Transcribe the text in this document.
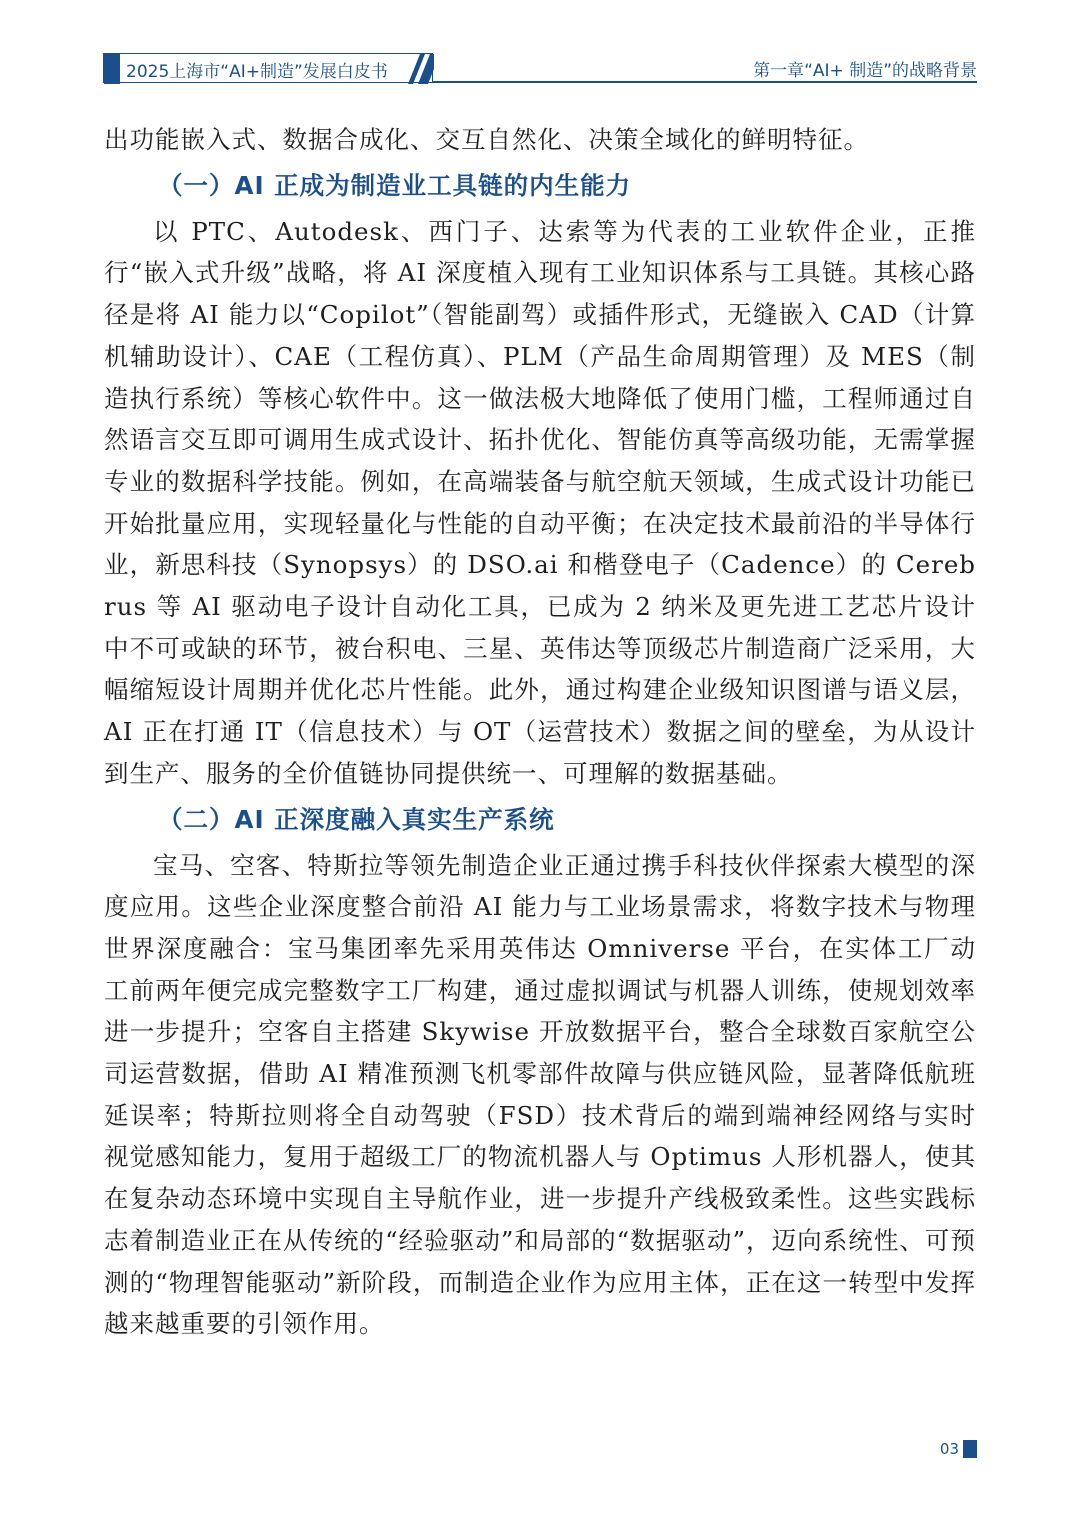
2025上海市“AI+制造”发展白皮书	第一章“AI+ 制造”的战略背景

出功能嵌入式、数据合成化、交互自然化、决策全域化的鲜明特征。

（一）AI 正成为制造业工具链的内生能力

以 PTC、Autodesk、西门子、达索等为代表的工业软件企业，正推行“嵌入式升级”战略，将 AI 深度植入现有工业知识体系与工具链。其核心路径是将 AI 能力以“Copilot”（智能副驾）或插件形式，无缝嵌入 CAD（计算机辅助设计）、CAE（工程仿真）、PLM（产品生命周期管理）及 MES（制造执行系统）等核心软件中。这一做法极大地降低了使用门槛，工程师通过自然语言交互即可调用生成式设计、拓扑优化、智能仿真等高级功能，无需掌握专业的数据科学技能。例如，在高端装备与航空航天领域，生成式设计功能已开始批量应用，实现轻量化与性能的自动平衡；在决定技术最前沿的半导体行业，新思科技（Synopsys）的 DSO.ai 和楷登电子（Cadence）的 Cerebrus 等 AI 驱动电子设计自动化工具，已成为 2 纳米及更先进工艺芯片设计中不可或缺的环节，被台积电、三星、英伟达等顶级芯片制造商广泛采用，大幅缩短设计周期并优化芯片性能。此外，通过构建企业级知识图谱与语义层，AI 正在打通 IT（信息技术）与 OT（运营技术）数据之间的壁垒，为从设计到生产、服务的全价值链协同提供统一、可理解的数据基础。

（二）AI 正深度融入真实生产系统

宝马、空客、特斯拉等领先制造企业正通过携手科技伙伴探索大模型的深度应用。这些企业深度整合前沿 AI 能力与工业场景需求，将数字技术与物理世界深度融合：宝马集团率先采用英伟达 Omniverse 平台，在实体工厂动工前两年便完成完整数字工厂构建，通过虚拟调试与机器人训练，使规划效率进一步提升；空客自主搭建 Skywise 开放数据平台，整合全球数百家航空公司运营数据，借助 AI 精准预测飞机零部件故障与供应链风险，显著降低航班延误率；特斯拉则将全自动驾驶（FSD）技术背后的端到端神经网络与实时视觉感知能力，复用于超级工厂的物流机器人与 Optimus 人形机器人，使其在复杂动态环境中实现自主导航作业，进一步提升产线极致柔性。这些实践标志着制造业正在从传统的“经验驱动”和局部的“数据驱动”，迈向系统性、可预测的“物理智能驱动”新阶段，而制造企业作为应用主体，正在这一转型中发挥越来越重要的引领作用。

03
